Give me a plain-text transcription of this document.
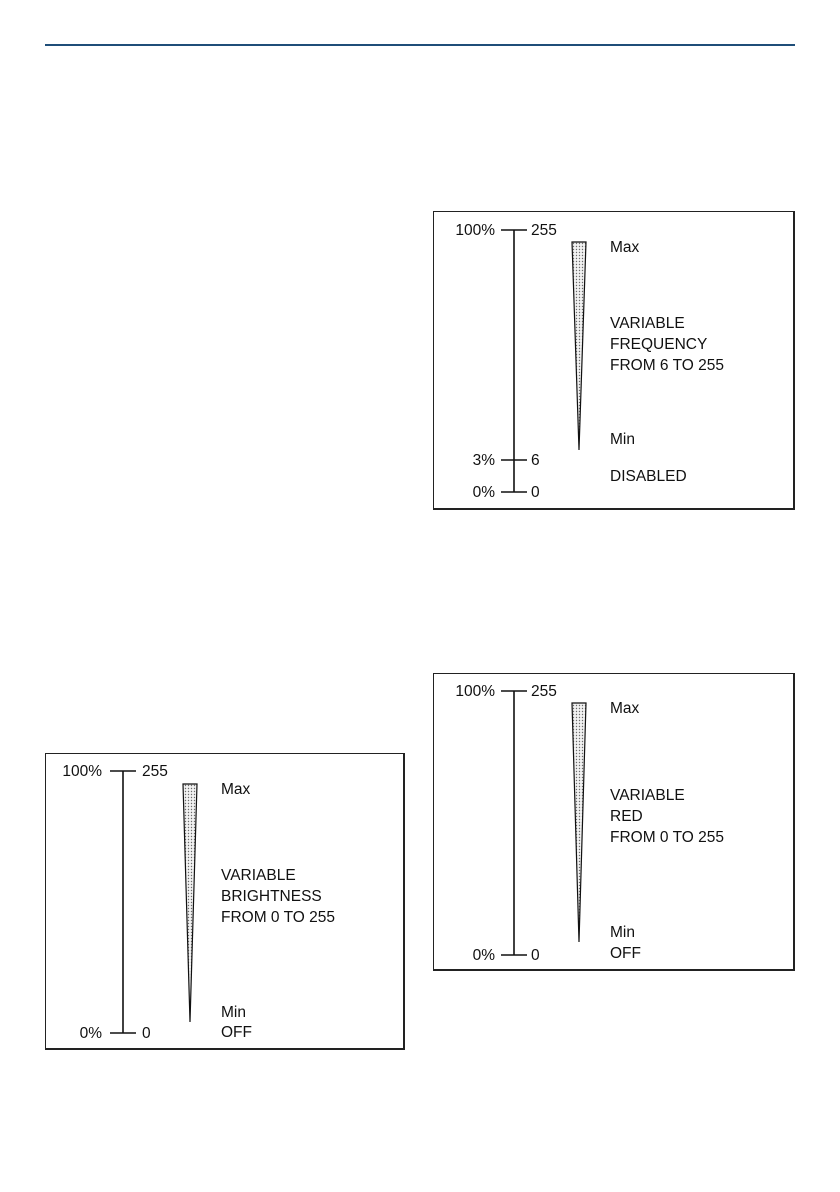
100% 255
3% 6
0% 0
Max
VARIABLE
FREQUENCY
FROM 6 TO 255
Min
DISABLED
100% 255
0% 0
Max
VARIABLE
RED
FROM 0 TO 255
Min
OFF
100%	255
0%	0
Max
VARIABLE
BRIGHTNESS
FROM 0 TO 255
Min
OFF
